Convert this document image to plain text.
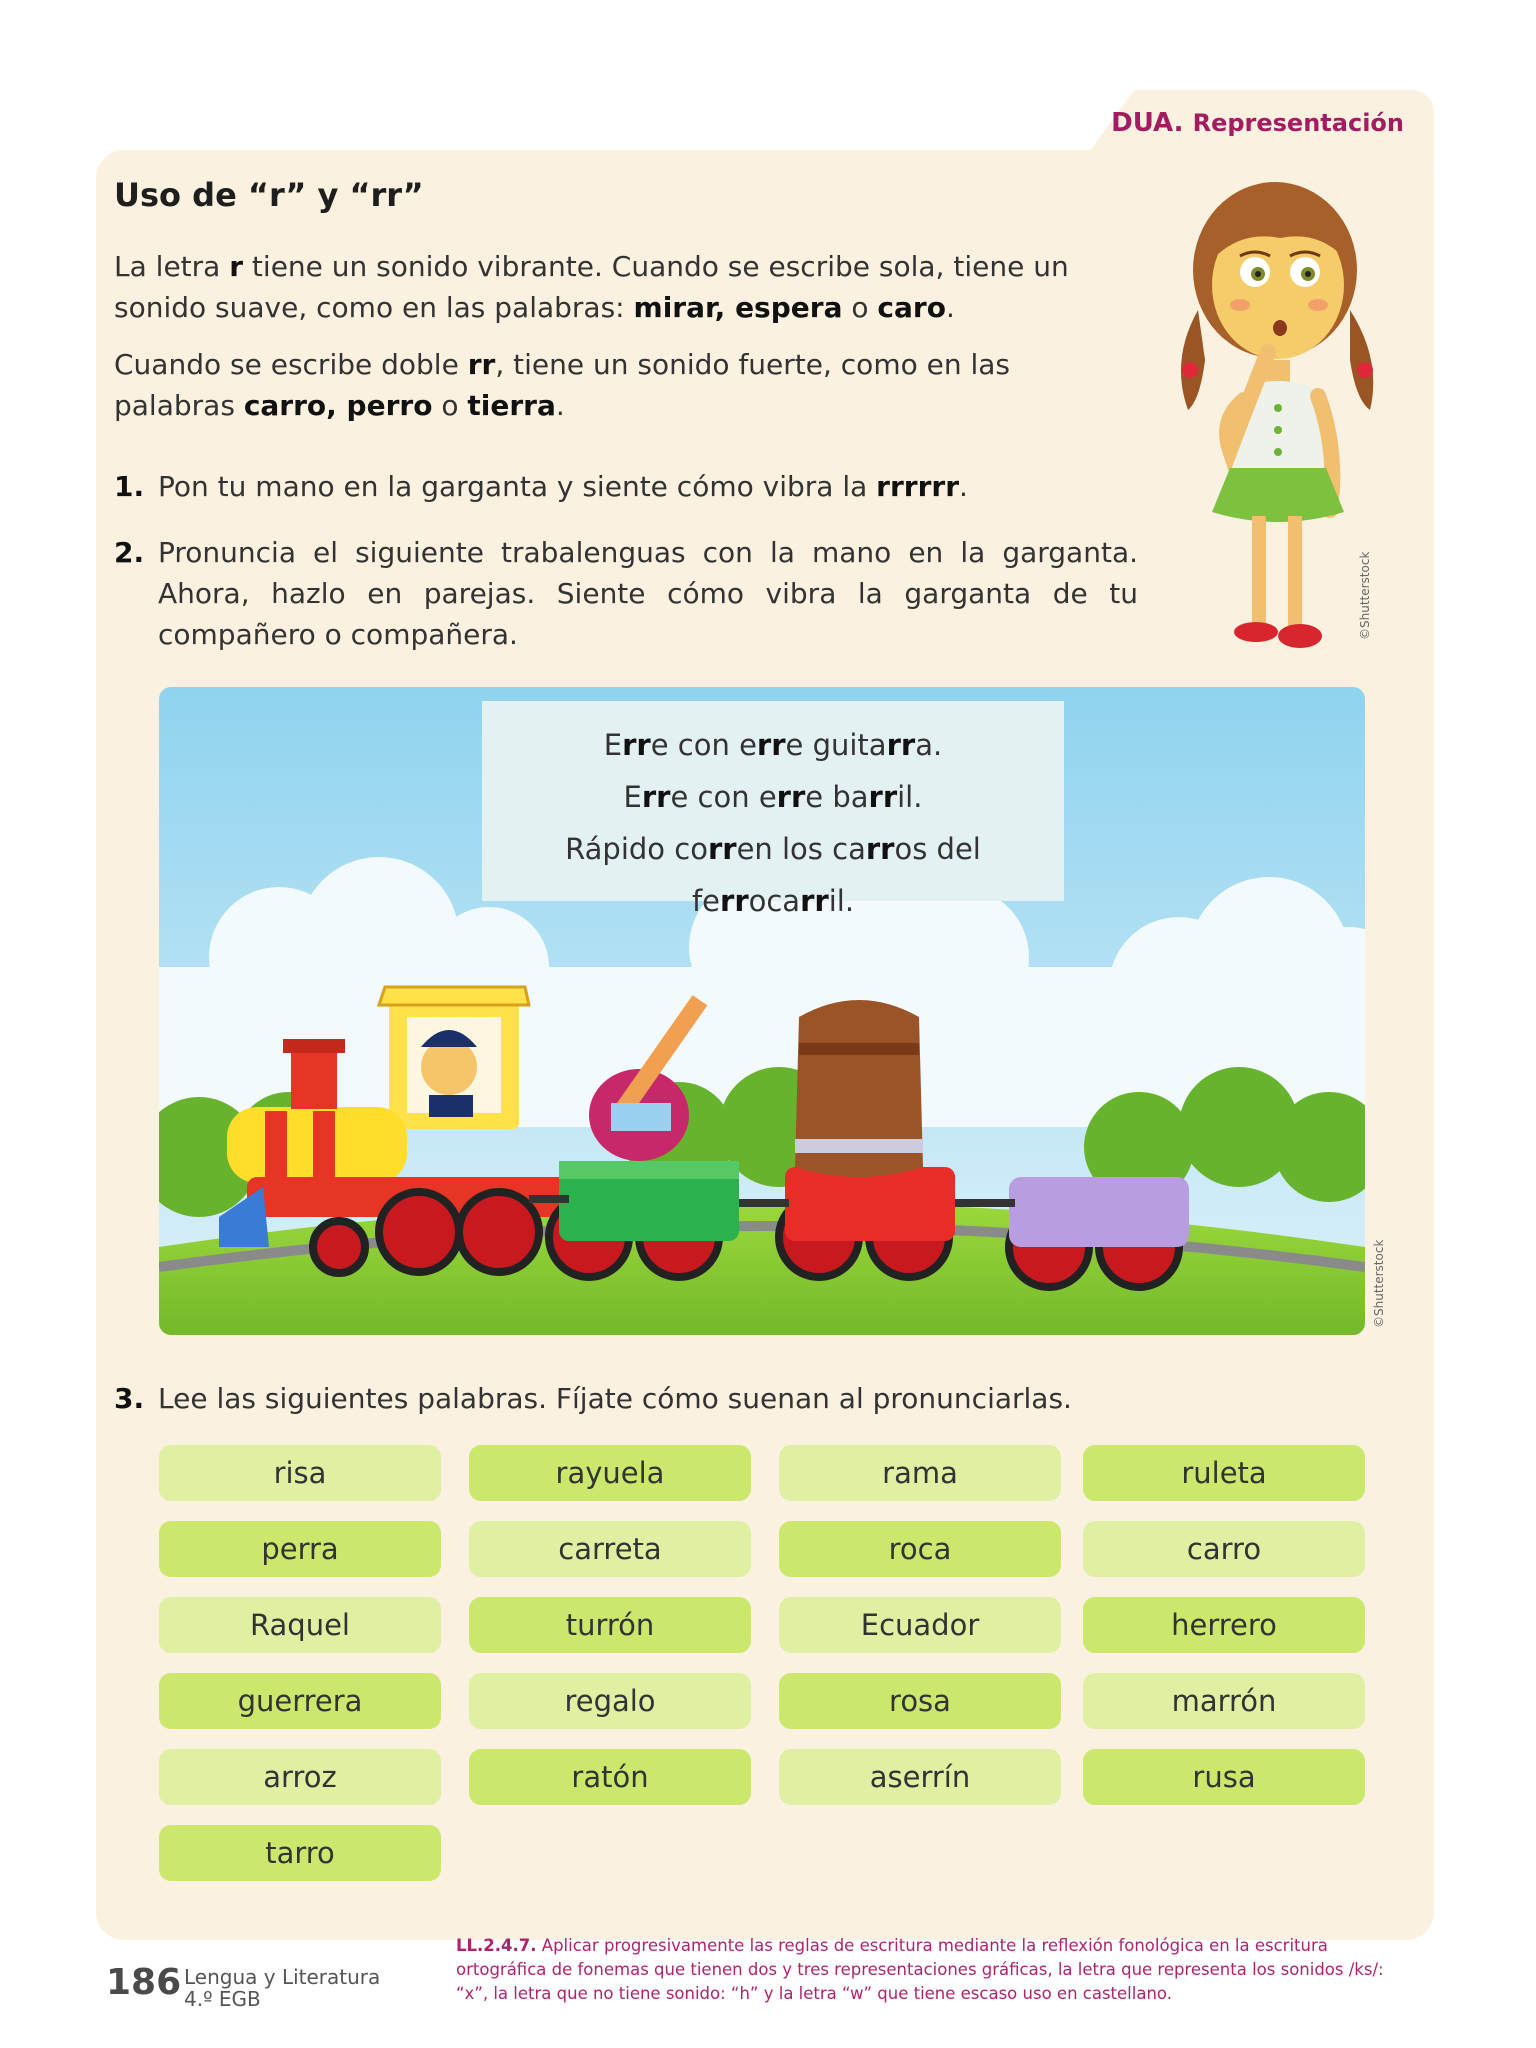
DUA. Representación
Uso de “r” y “rr”
La letra r tiene un sonido vibrante. Cuando se escribe sola, tiene un sonido suave, como en las palabras: mirar, espera o caro.
Cuando se escribe doble rr, tiene un sonido fuerte, como en las palabras carro, perro o tierra.
1. Pon tu mano en la garganta y siente cómo vibra la rrrrrr.
2. Pronuncia el siguiente trabalenguas con la mano en la garganta. Ahora, hazlo en parejas. Siente cómo vibra la garganta de tu compañero o compañera.	©Shutterstock
©Shutterstock
Erre con erre guitarra.
Erre con erre barril.
Rápido corren los carros del ferrocarril.
3. Lee las siguientes palabras. Fíjate cómo suenan al pronunciarlas.
risa	rayuela	rama	ruleta
perra	carreta	roca	carro
Raquel	turrón	Ecuador	herrero
guerrera	regalo	rosa	marrón
arroz	ratón	aserrín	rusa
tarro
186 Lengua y Literatura
4.º EGB
LL.2.4.7. Aplicar progresivamente las reglas de escritura mediante la reflexión fonológica en la escritura ortográfica de fonemas que tienen dos y tres representaciones gráficas, la letra que representa los sonidos /ks/: “x”, la letra que no tiene sonido: “h” y la letra “w” que tiene escaso uso en castellano.
